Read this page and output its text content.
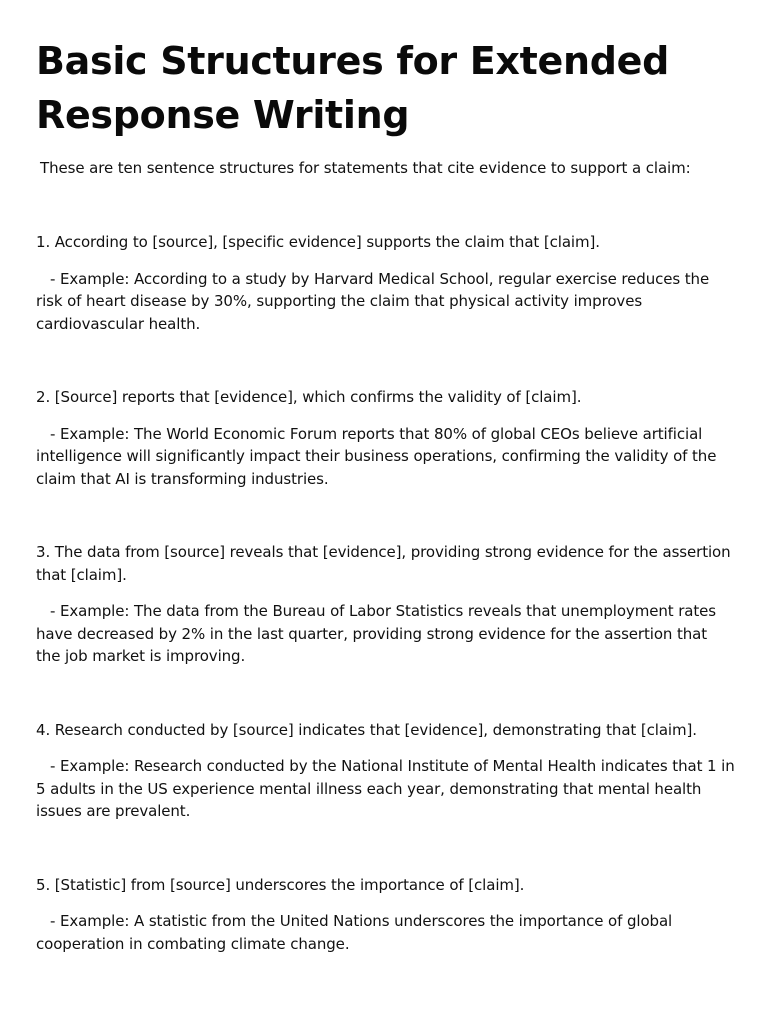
Basic Structures for Extended Response Writing

These are ten sentence structures for statements that cite evidence to support a claim:

1. According to [source], [specific evidence] supports the claim that [claim].

- Example: According to a study by Harvard Medical School, regular exercise reduces the risk of heart disease by 30%, supporting the claim that physical activity improves cardiovascular health.

2. [Source] reports that [evidence], which confirms the validity of [claim].

- Example: The World Economic Forum reports that 80% of global CEOs believe artificial intelligence will significantly impact their business operations, confirming the validity of the claim that AI is transforming industries.

3. The data from [source] reveals that [evidence], providing strong evidence for the assertion that [claim].

- Example: The data from the Bureau of Labor Statistics reveals that unemployment rates have decreased by 2% in the last quarter, providing strong evidence for the assertion that the job market is improving.

4. Research conducted by [source] indicates that [evidence], demonstrating that [claim].

- Example: Research conducted by the National Institute of Mental Health indicates that 1 in 5 adults in the US experience mental illness each year, demonstrating that mental health issues are prevalent.

5. [Statistic] from [source] underscores the importance of [claim].

- Example: A statistic from the United Nations underscores the importance of global cooperation in combating climate change.
